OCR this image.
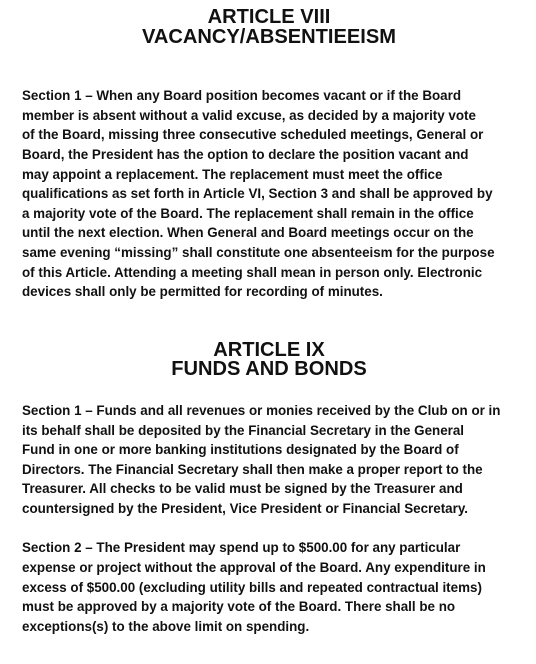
ARTICLE VIII
VACANCY/ABSENTIEEISM

Section 1 – When any Board position becomes vacant or if the Board
member is absent without a valid excuse, as decided by a majority vote
of the Board, missing three consecutive scheduled meetings, General or
Board, the President has the option to declare the position vacant and
may appoint a replacement. The replacement must meet the office
qualifications as set forth in Article VI, Section 3 and shall be approved by
a majority vote of the Board. The replacement shall remain in the office
until the next election. When General and Board meetings occur on the
same evening “missing” shall constitute one absenteeism for the purpose
of this Article. Attending a meeting shall mean in person only. Electronic
devices shall only be permitted for recording of minutes.

ARTICLE IX
FUNDS AND BONDS

Section 1 – Funds and all revenues or monies received by the Club on or in
its behalf shall be deposited by the Financial Secretary in the General
Fund in one or more banking institutions designated by the Board of
Directors. The Financial Secretary shall then make a proper report to the
Treasurer. All checks to be valid must be signed by the Treasurer and
countersigned by the President, Vice President or Financial Secretary.

Section 2 – The President may spend up to $500.00 for any particular
expense or project without the approval of the Board. Any expenditure in
excess of $500.00 (excluding utility bills and repeated contractual items)
must be approved by a majority vote of the Board. There shall be no
exceptions(s) to the above limit on spending.
